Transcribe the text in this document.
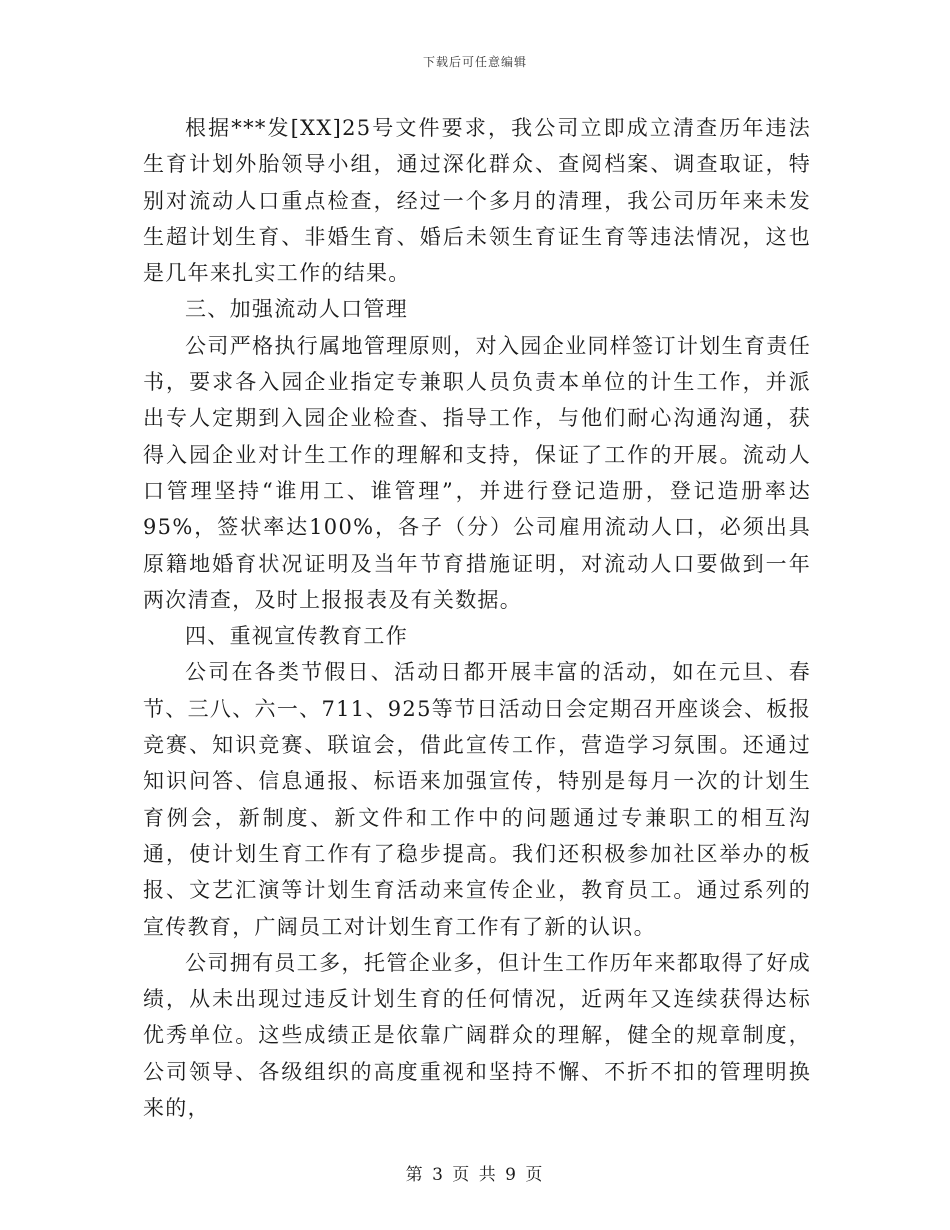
下载后可任意编辑

根据***发[XX]25号文件要求，我公司立即成立清查历年违法生育计划外胎领导小组，通过深化群众、查阅档案、调查取证，特别对流动人口重点检查，经过一个多月的清理，我公司历年来未发生超计划生育、非婚生育、婚后未领生育证生育等违法情况，这也是几年来扎实工作的结果。

三、加强流动人口管理

公司严格执行属地管理原则，对入园企业同样签订计划生育责任书，要求各入园企业指定专兼职人员负责本单位的计生工作，并派出专人定期到入园企业检查、指导工作，与他们耐心沟通沟通，获得入园企业对计生工作的理解和支持，保证了工作的开展。流动人口管理坚持“谁用工、谁管理”，并进行登记造册，登记造册率达95%，签状率达100%，各子（分）公司雇用流动人口，必须出具原籍地婚育状况证明及当年节育措施证明，对流动人口要做到一年两次清查，及时上报报表及有关数据。

四、重视宣传教育工作

公司在各类节假日、活动日都开展丰富的活动，如在元旦、春节、三八、六一、711、925等节日活动日会定期召开座谈会、板报竞赛、知识竞赛、联谊会，借此宣传工作，营造学习氛围。还通过知识问答、信息通报、标语来加强宣传，特别是每月一次的计划生育例会，新制度、新文件和工作中的问题通过专兼职工的相互沟通，使计划生育工作有了稳步提高。我们还积极参加社区举办的板报、文艺汇演等计划生育活动来宣传企业，教育员工。通过系列的宣传教育，广阔员工对计划生育工作有了新的认识。

公司拥有员工多，托管企业多，但计生工作历年来都取得了好成绩，从未出现过违反计划生育的任何情况，近两年又连续获得达标优秀单位。这些成绩正是依靠广阔群众的理解，健全的规章制度，公司领导、各级组织的高度重视和坚持不懈、不折不扣的管理明换来的，

第 3 页 共 9 页
